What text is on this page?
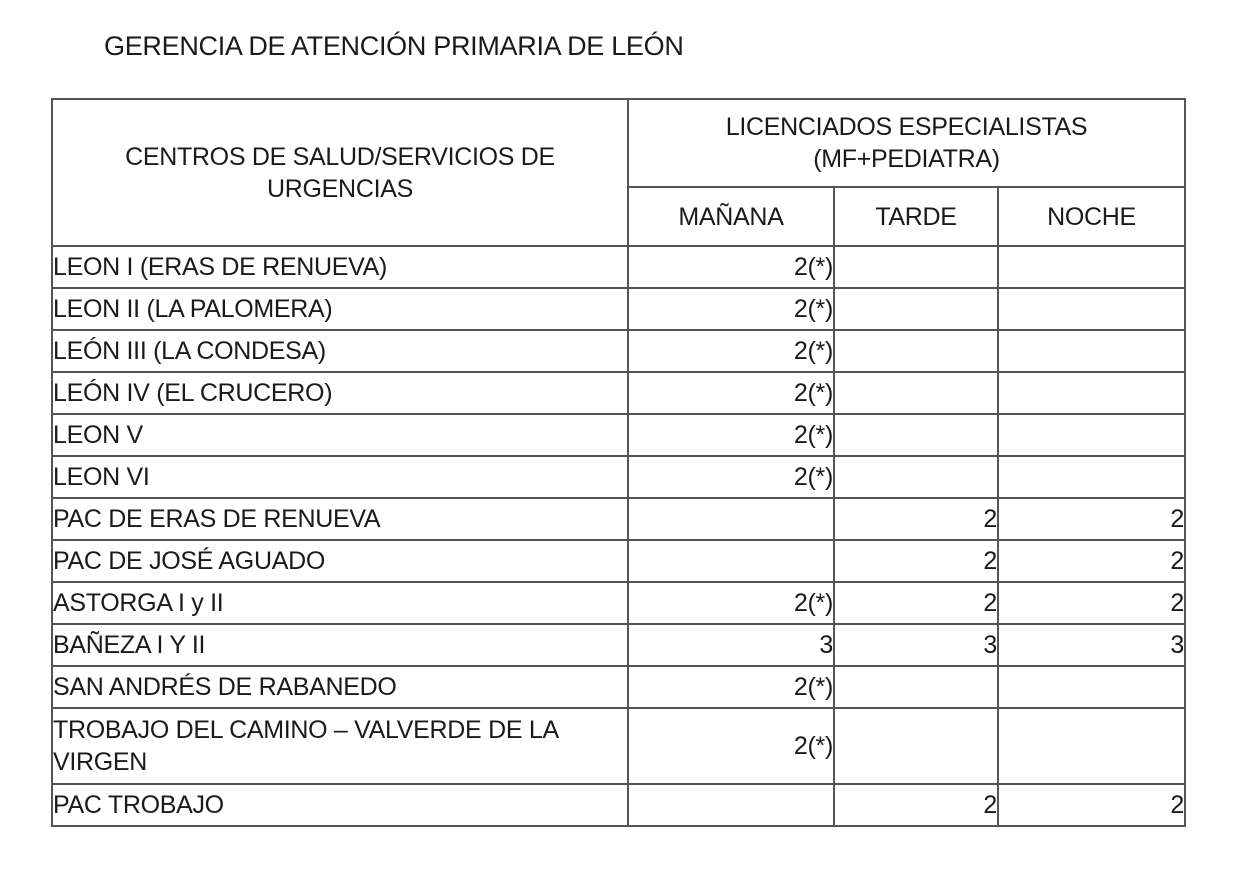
GERENCIA DE ATENCIÓN PRIMARIA DE LEÓN
CENTROS DE SALUD/SERVICIOS DE URGENCIAS	LICENCIADOS ESPECIALISTAS
(MF+PEDIATRA)		
	MAÑANA	TARDE	NOCHE
LEON I (ERAS DE RENUEVA)	2(*)		
LEON II (LA PALOMERA)	2(*)		
LEÓN III (LA CONDESA)	2(*)		
LEÓN IV (EL CRUCERO)	2(*)		
LEON V	2(*)		
LEON VI	2(*)		
PAC DE ERAS DE RENUEVA		2	2
PAC DE JOSÉ AGUADO		2	2
ASTORGA I y II	2(*)	2	2
BAÑEZA I Y II	3	3	3
SAN ANDRÉS DE RABANEDO	2(*)		
TROBAJO DEL CAMINO – VALVERDE DE LA VIRGEN	2(*)		
PAC TROBAJO		2	2
